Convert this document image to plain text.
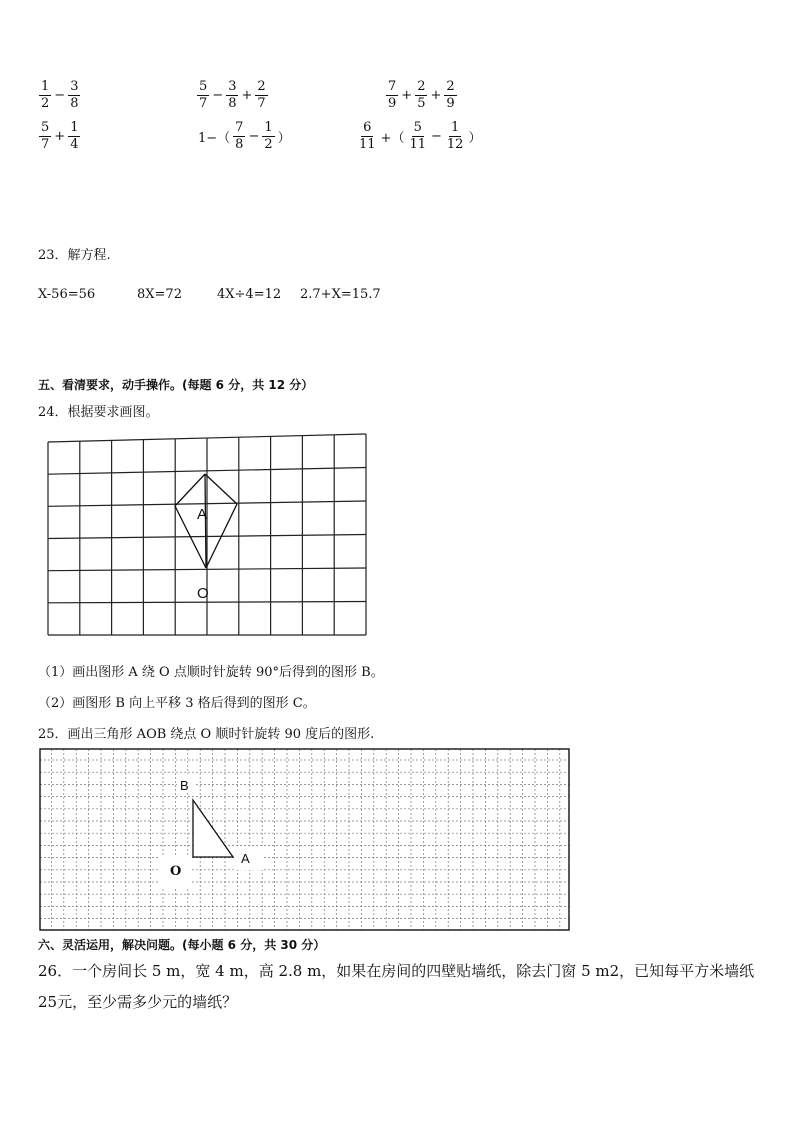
$\frac{1}{2} - \frac{3}{8}$	$\frac{5}{7} - \frac{3}{8} + \frac{2}{7}$	$\frac{7}{9} + \frac{2}{5} + \frac{2}{9}$
$\frac{5}{7} + \frac{1}{4}$	$1-( \frac{7}{8} - \frac{1}{2}$ ）	$\frac{6}{11}$ +（ $\frac{5}{11} - \frac{1}{12}$ ）
23．解方程.
X-56=56	8X=72	4X÷4=12 2.7+X=15.7
五、看清要求，动手操作。(每题 6 分，共 12 分）
24．根据要求画图。
A
O
（1）画出图形 A 绕 O 点顺时针旋转 90°后得到的图形 B。
（2）画图形 B 向上平移 3 格后得到的图形 C。
25．画出三角形 AOB 绕点 O 顺时针旋转 90 度后的图形.
B
A
O
六、灵活运用，解决问题。(每小题 6 分，共 30 分）
26．一个房间长 5 m，宽 4 m，高 2.8 m，如果在房间的四壁贴墙纸，除去门窗 5 m2，已知每平方米墙纸
25元，至少需多少元的墙纸？
